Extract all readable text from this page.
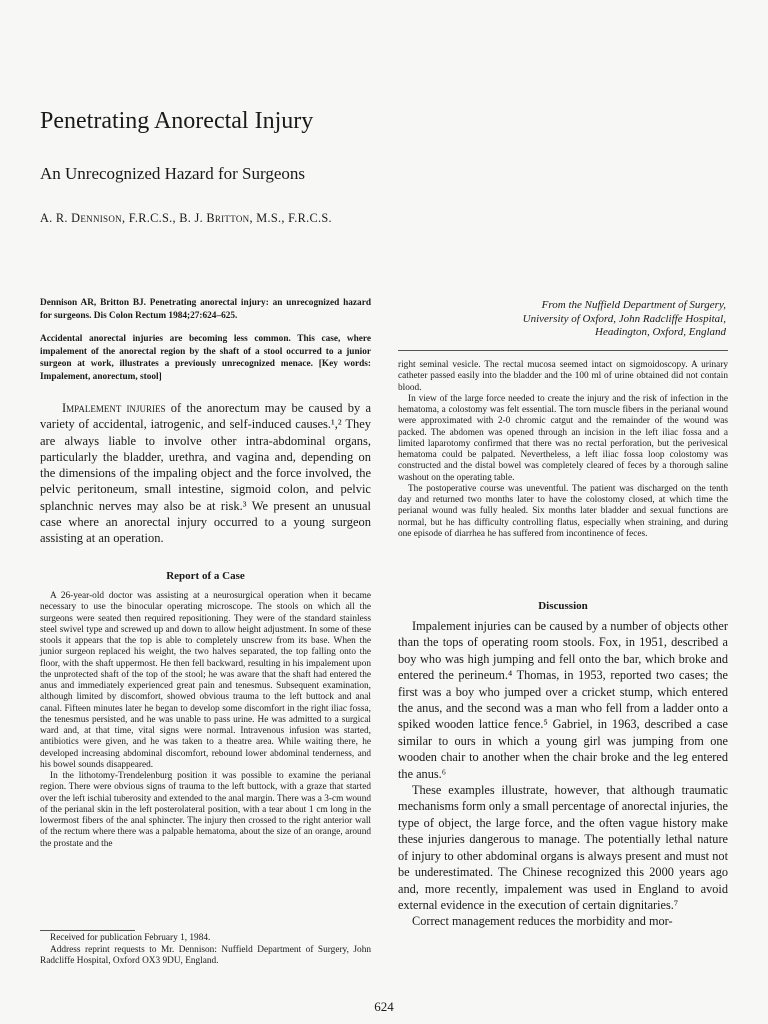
Penetrating Anorectal Injury
An Unrecognized Hazard for Surgeons
A. R. Dennison, F.R.C.S., B. J. Britton, M.S., F.R.C.S.

Dennison AR, Britton BJ. Penetrating anorectal injury: an unrecognized hazard for surgeons. Dis Colon Rectum 1984;27:624–625.

Accidental anorectal injuries are becoming less common. This case, where impalement of the anorectal region by the shaft of a stool occurred to a junior surgeon at work, illustrates a previously unrecognized menace. [Key words: Impalement, anorectum, stool]

Impalement injuries of the anorectum may be caused by a variety of accidental, iatrogenic, and self-induced causes.¹,² They are always liable to involve other intra-abdominal organs, particularly the bladder, urethra, and vagina and, depending on the dimensions of the impaling object and the force involved, the pelvic peritoneum, small intestine, sigmoid colon, and pelvic splanchnic nerves may also be at risk.³ We present an unusual case where an anorectal injury occurred to a young surgeon assisting at an operation.

Report of a Case

A 26-year-old doctor was assisting at a neurosurgical operation when it became necessary to use the binocular operating microscope. The stools on which all the surgeons were seated then required repositioning. They were of the standard stainless steel swivel type and screwed up and down to allow height adjustment. In some of these stools it appears that the top is able to completely unscrew from its base. When the junior surgeon replaced his weight, the two halves separated, the top falling onto the floor, with the shaft uppermost. He then fell backward, resulting in his impalement upon the unprotected shaft of the top of the stool; he was aware that the shaft had entered the anus and immediately experienced great pain and tenesmus. Subsequent examination, although limited by discomfort, showed obvious trauma to the left buttock and anal canal. Fifteen minutes later he began to develop some discomfort in the right iliac fossa, the tenesmus persisted, and he was unable to pass urine. He was admitted to a surgical ward and, at that time, vital signs were normal. Intravenous infusion was started, antibiotics were given, and he was taken to a theatre area. While waiting there, he developed increasing abdominal discomfort, rebound lower abdominal tenderness, and his bowel sounds disappeared.

In the lithotomy-Trendelenburg position it was possible to examine the perianal region. There were obvious signs of trauma to the left buttock, with a graze that started over the left ischial tuberosity and extended to the anal margin. There was a 3-cm wound of the perianal skin in the left posterolateral position, with a tear about 1 cm long in the lowermost fibers of the anal sphincter. The injury then crossed to the right anterior wall of the rectum where there was a palpable hematoma, about the size of an orange, around the prostate and the

Received for publication February 1, 1984.

Address reprint requests to Mr. Dennison: Nuffield Department of Surgery, John Radcliffe Hospital, Oxford OX3 9DU, England.

From the Nuffield Department of Surgery,
University of Oxford, John Radcliffe Hospital,
Headington, Oxford, England

right seminal vesicle. The rectal mucosa seemed intact on sigmoidoscopy. A urinary catheter passed easily into the bladder and the 100 ml of urine obtained did not contain blood.

In view of the large force needed to create the injury and the risk of infection in the hematoma, a colostomy was felt essential. The torn muscle fibers in the perianal wound were approximated with 2-0 chromic catgut and the remainder of the wound was packed. The abdomen was opened through an incision in the left iliac fossa and a limited laparotomy confirmed that there was no rectal perforation, but the perivesical hematoma could be palpated. Nevertheless, a left iliac fossa loop colostomy was constructed and the distal bowel was completely cleared of feces by a thorough saline washout on the operating table.

The postoperative course was uneventful. The patient was discharged on the tenth day and returned two months later to have the colostomy closed, at which time the perianal wound was fully healed. Six months later bladder and sexual functions are normal, but he has difficulty controlling flatus, especially when straining, and during one episode of diarrhea he has suffered from incontinence of feces.

Discussion

Impalement injuries can be caused by a number of objects other than the tops of operating room stools. Fox, in 1951, described a boy who was high jumping and fell onto the bar, which broke and entered the perineum.⁴ Thomas, in 1953, reported two cases; the first was a boy who jumped over a cricket stump, which entered the anus, and the second was a man who fell from a ladder onto a spiked wooden lattice fence.⁵ Gabriel, in 1963, described a case similar to ours in which a young girl was jumping from one wooden chair to another when the chair broke and the leg entered the anus.⁶

These examples illustrate, however, that although traumatic mechanisms form only a small percentage of anorectal injuries, the type of object, the large force, and the often vague history make these injuries dangerous to manage. The potentially lethal nature of injury to other abdominal organs is always present and must not be underestimated. The Chinese recognized this 2000 years ago and, more recently, impalement was used in England to avoid external evidence in the execution of certain dignitaries.⁷

Correct management reduces the morbidity and mor-

624
